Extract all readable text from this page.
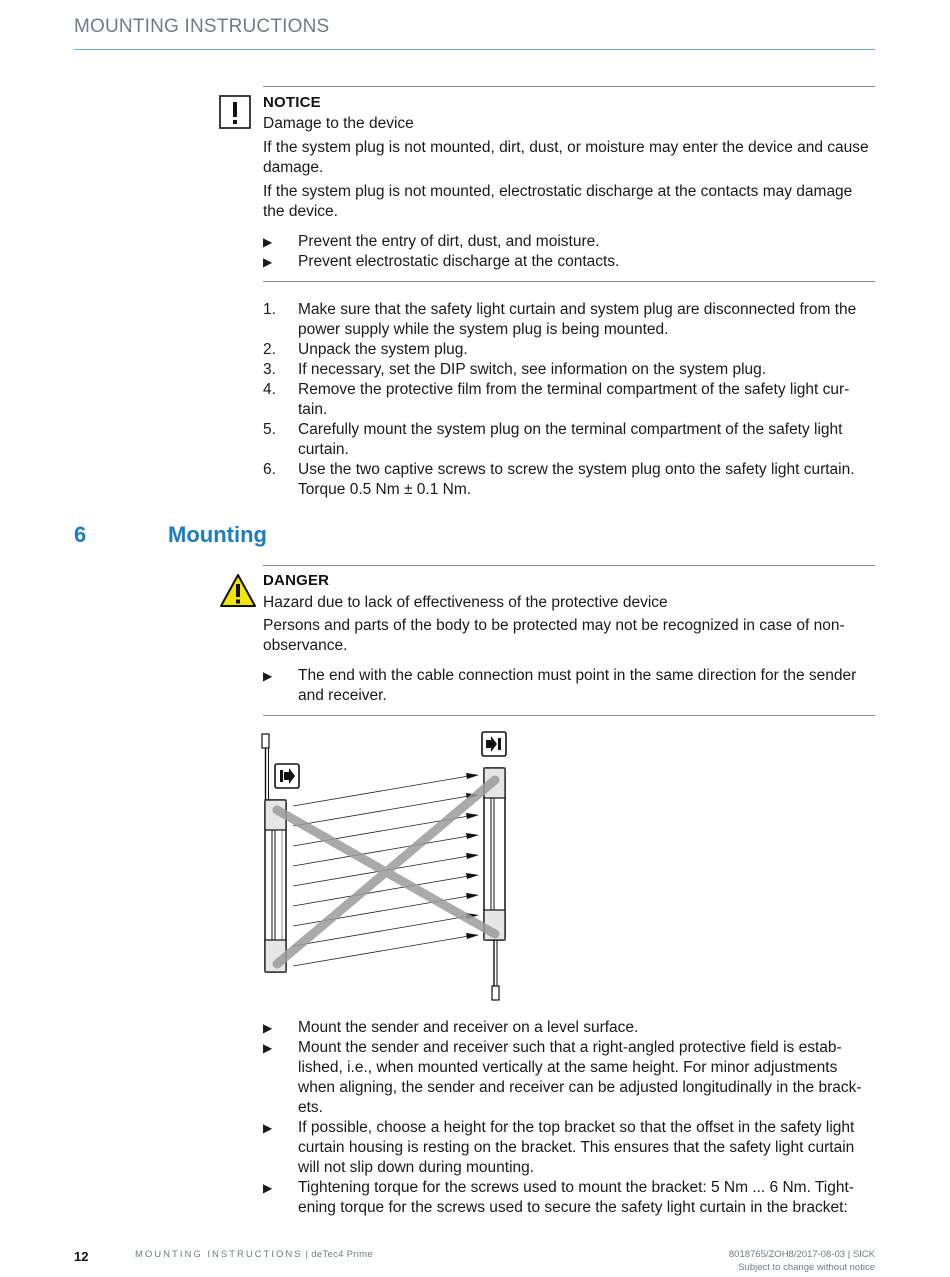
MOUNTING INSTRUCTIONS
NOTICE
Damage to the device
If the system plug is not mounted, dirt, dust, or moisture may enter the device and cause damage.
If the system plug is not mounted, electrostatic discharge at the contacts may damage the device.
▶ Prevent the entry of dirt, dust, and moisture.
▶ Prevent electrostatic discharge at the contacts.
1. Make sure that the safety light curtain and system plug are disconnected from the power supply while the system plug is being mounted.
2. Unpack the system plug.
3. If necessary, set the DIP switch, see information on the system plug.
4. Remove the protective film from the terminal compartment of the safety light cur-tain.
5. Carefully mount the system plug on the terminal compartment of the safety light curtain.
6. Use the two captive screws to screw the system plug onto the safety light curtain. Torque 0.5 Nm ± 0.1 Nm.
6	Mounting
DANGER
Hazard due to lack of effectiveness of the protective device
Persons and parts of the body to be protected may not be recognized in case of non-observance.
▶ The end with the cable connection must point in the same direction for the sender and receiver.
▶ Mount the sender and receiver on a level surface.
▶ Mount the sender and receiver such that a right-angled protective field is estab-lished, i.e., when mounted vertically at the same height. For minor adjustments when aligning, the sender and receiver can be adjusted longitudinally in the brack-ets.
▶ If possible, choose a height for the top bracket so that the offset in the safety light curtain housing is resting on the bracket. This ensures that the safety light curtain will not slip down during mounting.
▶ Tightening torque for the screws used to mount the bracket: 5 Nm ... 6 Nm. Tight-ening torque for the screws used to secure the safety light curtain in the bracket:
12	MOUNTING INSTRUCTIONS | deTec4 Prime	8018765/ZOH8/2017-08-03 | SICK
Subject to change without notice
